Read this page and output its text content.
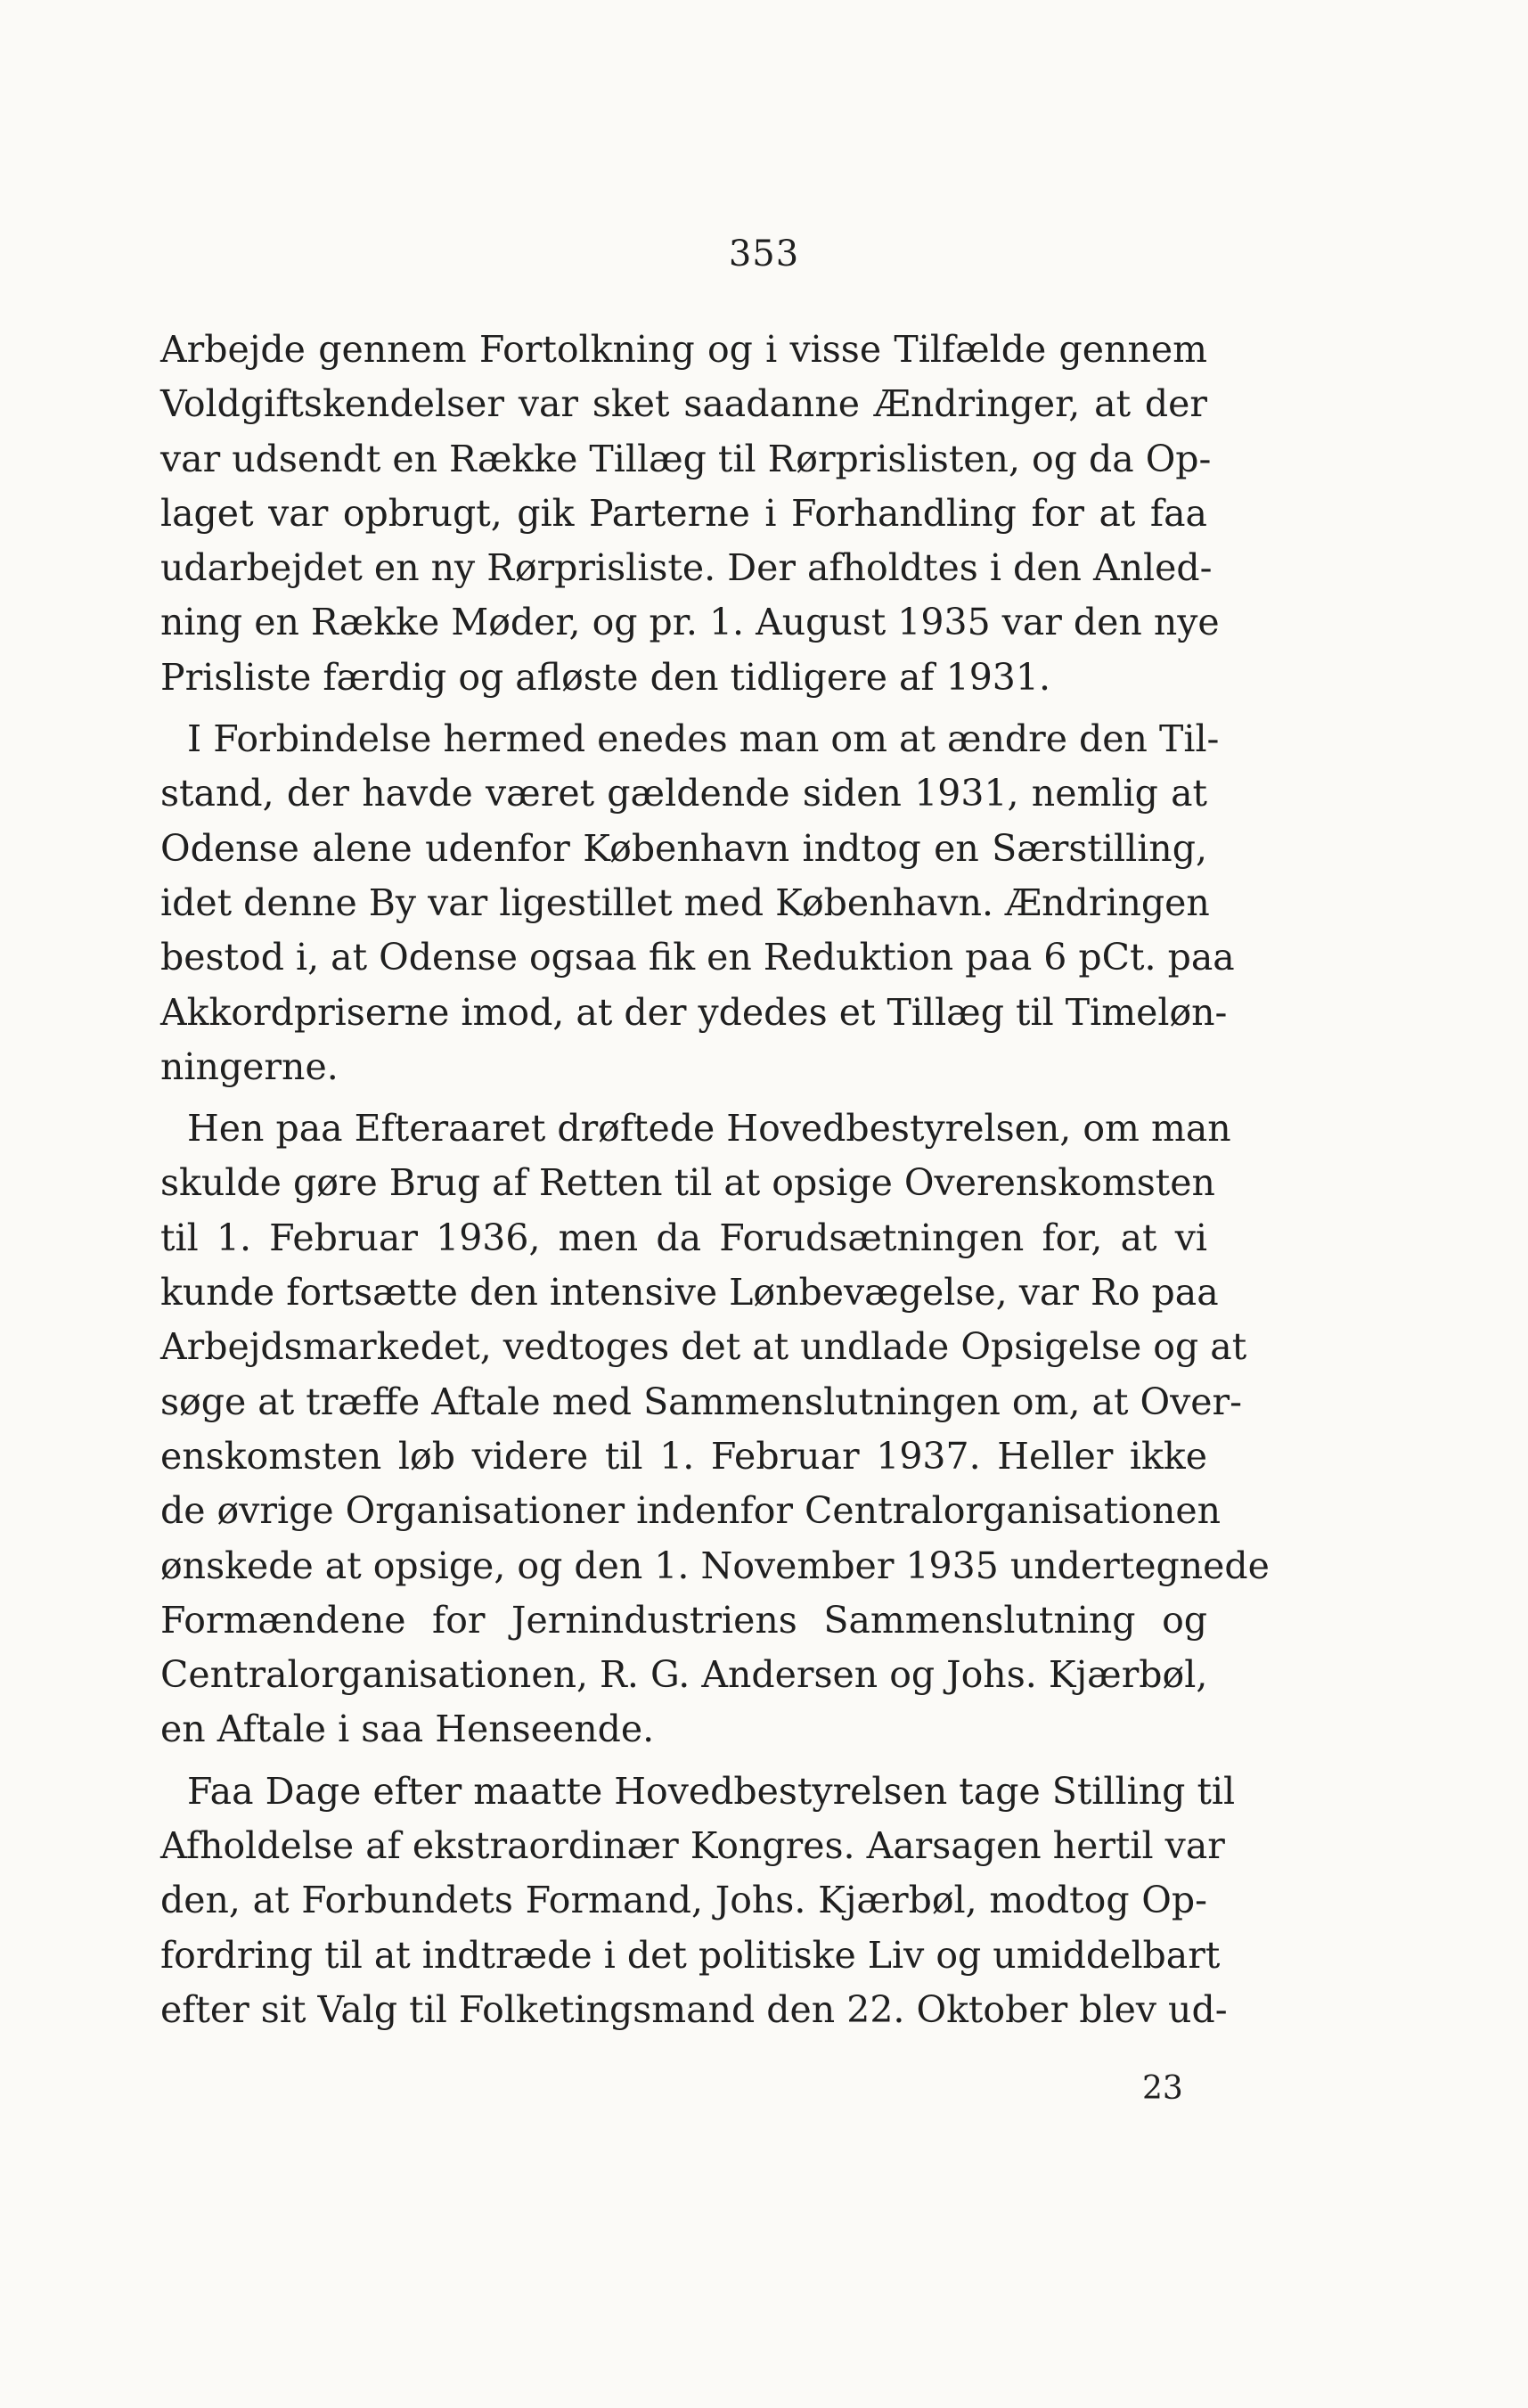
353
Arbejde gennem Fortolkning og i visse Tilfælde gennem
Voldgiftskendelser var sket saadanne Ændringer, at der
var udsendt en Række Tillæg til Rørprislisten, og da Op-
laget var opbrugt, gik Parterne i Forhandling for at faa
udarbejdet en ny Rørprisliste. Der afholdtes i den Anled-
ning en Række Møder, og pr. 1. August 1935 var den nye
Prisliste færdig og afløste den tidligere af 1931.
I Forbindelse hermed enedes man om at ændre den Til-
stand, der havde været gældende siden 1931, nemlig at
Odense alene udenfor København indtog en Særstilling,
idet denne By var ligestillet med København. Ændringen
bestod i, at Odense ogsaa fik en Reduktion paa 6 pCt. paa
Akkordpriserne imod, at der ydedes et Tillæg til Timeløn-
ningerne.
Hen paa Efteraaret drøftede Hovedbestyrelsen, om man
skulde gøre Brug af Retten til at opsige Overenskomsten
til 1. Februar 1936, men da Forudsætningen for, at vi
kunde fortsætte den intensive Lønbevægelse, var Ro paa
Arbejdsmarkedet, vedtoges det at undlade Opsigelse og at
søge at træffe Aftale med Sammenslutningen om, at Over-
enskomsten løb videre til 1. Februar 1937. Heller ikke
de øvrige Organisationer indenfor Centralorganisationen
ønskede at opsige, og den 1. November 1935 undertegnede
Formændene for Jernindustriens Sammenslutning og
Centralorganisationen, R. G. Andersen og Johs. Kjærbøl,
en Aftale i saa Henseende.
Faa Dage efter maatte Hovedbestyrelsen tage Stilling til
Afholdelse af ekstraordinær Kongres. Aarsagen hertil var
den, at Forbundets Formand, Johs. Kjærbøl, modtog Op-
fordring til at indtræde i det politiske Liv og umiddelbart
efter sit Valg til Folketingsmand den 22. Oktober blev ud-
23
